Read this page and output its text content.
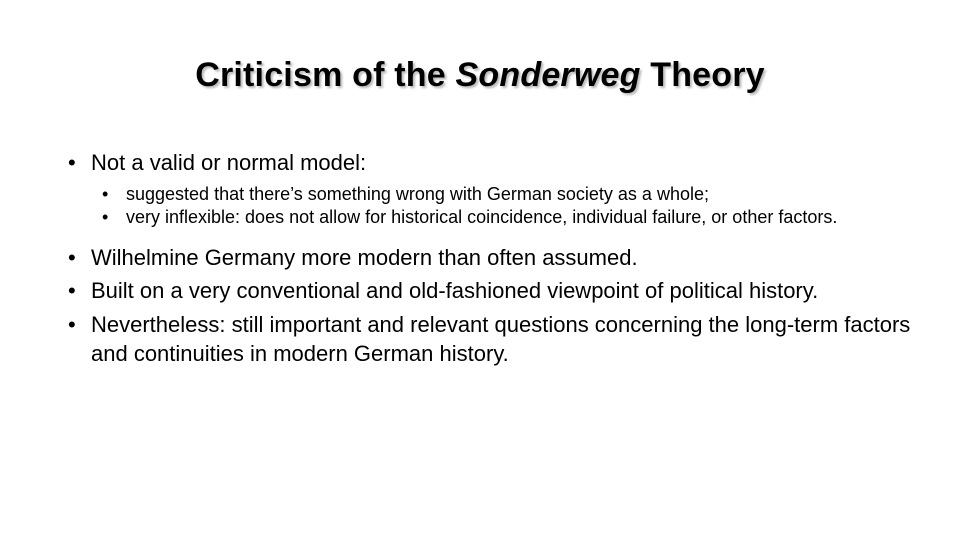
Criticism of the Sonderweg Theory
• Not a valid or normal model:
• suggested that there’s something wrong with German society as a whole;
• very inflexible: does not allow for historical coincidence, individual failure, or other factors.
• Wilhelmine Germany more modern than often assumed.
• Built on a very conventional and old-fashioned viewpoint of political history.
• Nevertheless: still important and relevant questions concerning the long-term factors and continuities in modern German history.
